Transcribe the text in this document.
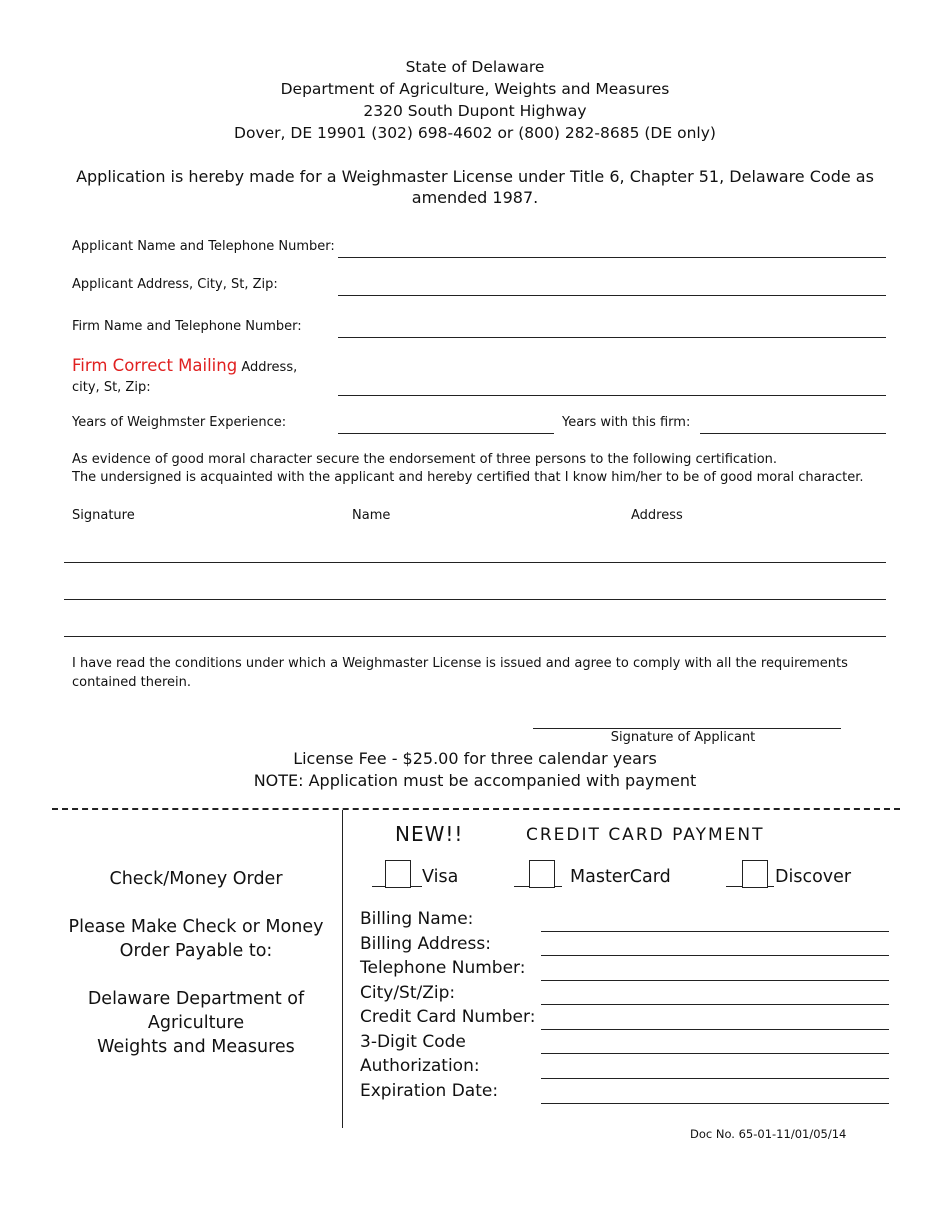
State of Delaware
Department of Agriculture, Weights and Measures
2320 South Dupont Highway
Dover, DE 19901 (302) 698-4602 or (800) 282-8685 (DE only)
Application is hereby made for a Weighmaster License under Title 6, Chapter 51, Delaware Code as amended 1987.
Applicant Name and Telephone Number:
Applicant Address, City, St, Zip:
Firm Name and Telephone Number:
Firm Correct Mailing Address,
city, St, Zip:
Years of Weighmster Experience:	Years with this firm:
As evidence of good moral character secure the endorsement of three persons to the following certification.
The undersigned is acquainted with the applicant and hereby certified that I know him/her to be of good moral character.
Signature	Name	Address
I have read the conditions under which a Weighmaster License is issued and agree to comply with all the requirements contained therein.
Signature of Applicant
License Fee - $25.00 for three calendar years
NOTE: Application must be accompanied with payment
Check/Money Order
Please Make Check or Money
Order Payable to:
Delaware Department of
Agriculture
Weights and Measures
NEW!!	CREDIT CARD PAYMENT
Visa	MasterCard	Discover
Billing Name:
Billing Address:
Telephone Number:
City/St/Zip:
Credit Card Number:
3-Digit Code
Authorization:
Expiration Date:
Doc No. 65-01-11/01/05/14
